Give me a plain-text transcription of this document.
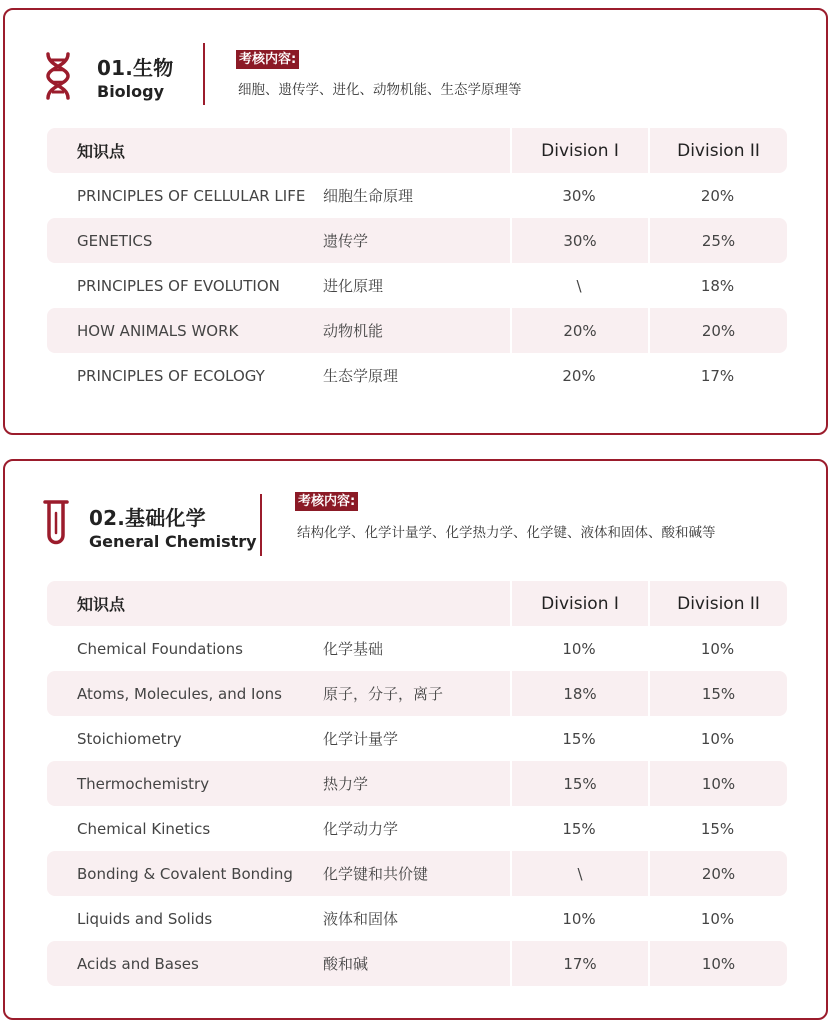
01.生物
Biology
考核内容:
细胞、遗传学、进化、动物机能、生态学原理等
知识点		Division I	Division II
PRINCIPLES OF CELLULAR LIFE	细胞生命原理	30%	20%
GENETICS	遗传学	30%	25%
PRINCIPLES OF EVOLUTION	进化原理	\	18%
HOW ANIMALS WORK	动物机能	20%	20%
PRINCIPLES OF ECOLOGY	生态学原理	20%	17%
02.基础化学
General Chemistry
考核内容:
结构化学、化学计量学、化学热力学、化学键、液体和固体、酸和碱等
知识点		Division I	Division II
Chemical Foundations	化学基础	10%	10%
Atoms, Molecules, and Ions	原子，分子，离子	18%	15%
Stoichiometry	化学计量学	15%	10%
Thermochemistry	热力学	15%	10%
Chemical Kinetics	化学动力学	15%	15%
Bonding & Covalent Bonding	化学键和共价键	\	20%
Liquids and Solids	液体和固体	10%	10%
Acids and Bases	酸和碱	17%	10%
